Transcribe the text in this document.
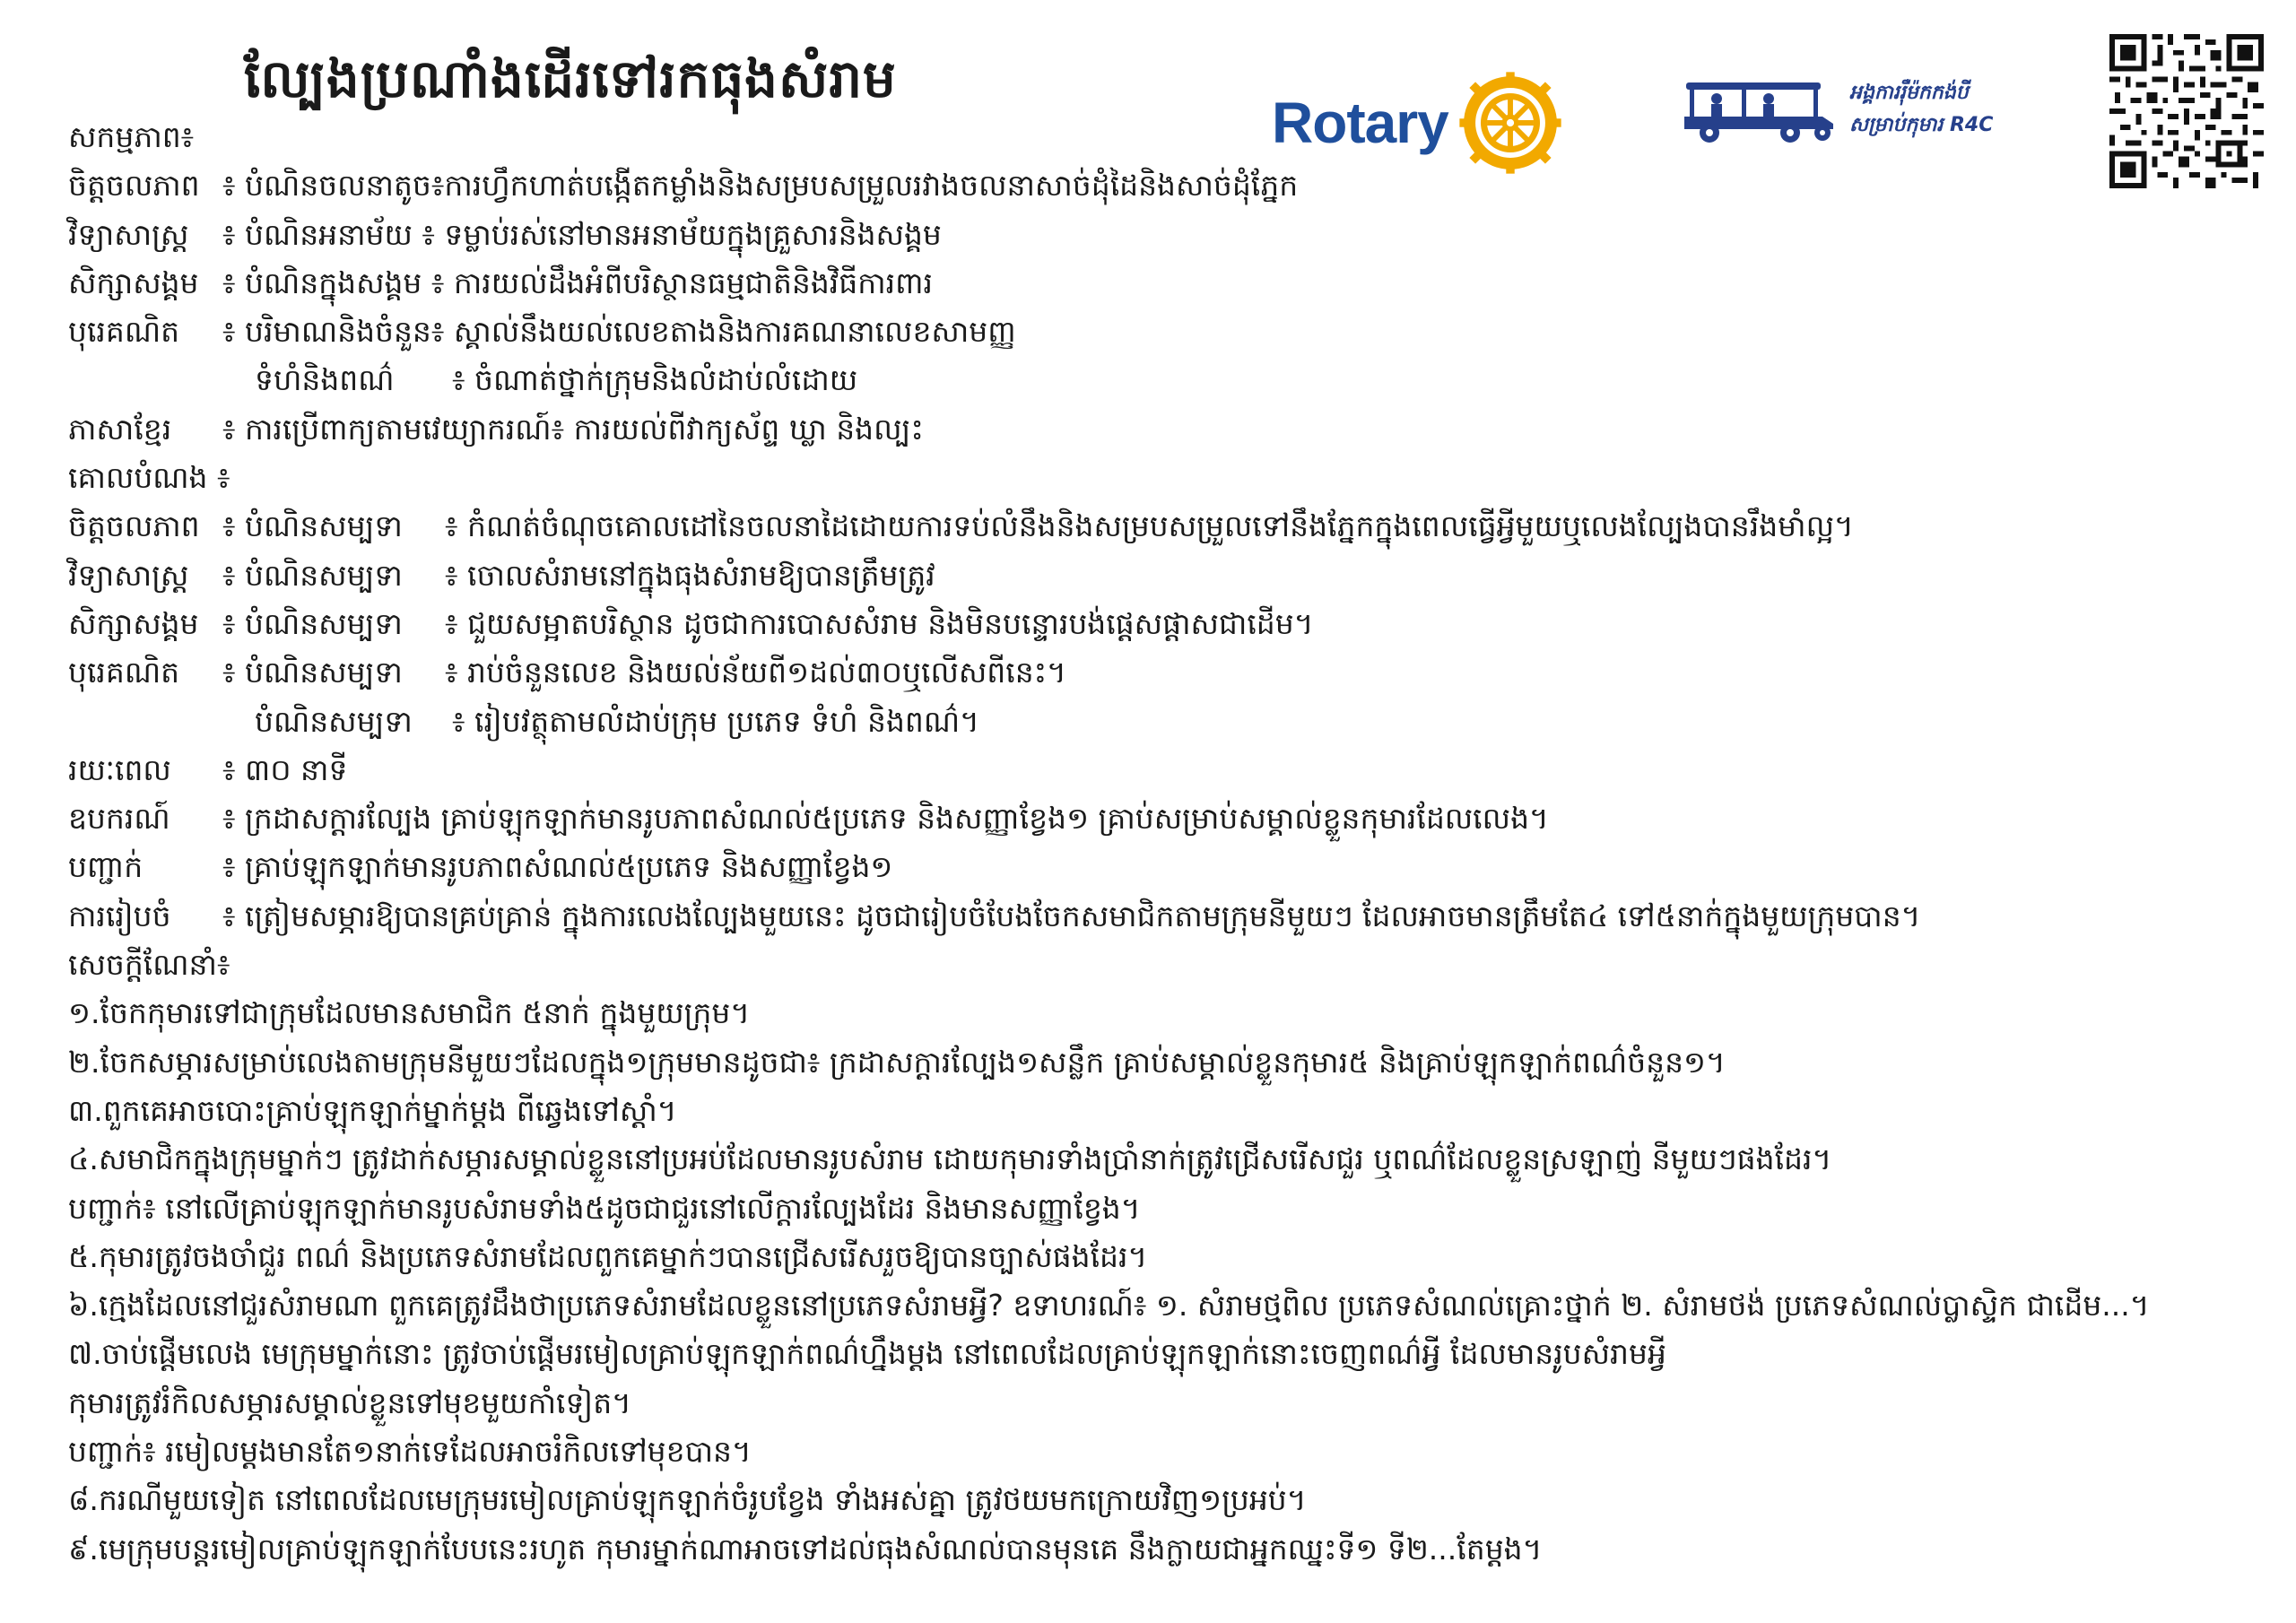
ល្បែងប្រណាំងដើរទៅរកធុងសំរាម
Rotary	អង្គការរ៉ឺម៉កកង់បី
សម្រាប់កុមារ R4C
សកម្មភាព៖
ចិត្តចលភាព ៖ បំណិនចលនាតូច៖ការហ្វឹកហាត់បង្កើតកម្លាំងនិងសម្របសម្រួលរវាងចលនាសាច់ដុំដៃនិងសាច់ដុំភ្នែក
វិទ្យាសាស្ត្រ ៖ បំណិនអនាម័យ ៖ ទម្លាប់រស់នៅមានអនាម័យក្នុងគ្រួសារនិងសង្គម
សិក្សាសង្គម ៖ បំណិនក្នុងសង្គម ៖ ការយល់ដឹងអំពីបរិស្ថានធម្មជាតិនិងវិធីការពារ
បុរេគណិត ៖ បរិមាណនិងចំនួន៖ ស្គាល់នឹងយល់លេខតាងនិងការគណនាលេខសាមញ្ញ
ទំហំនិងពណ៌ ៖ ចំណាត់ថ្នាក់ក្រុមនិងលំដាប់លំដោយ
ភាសាខ្មែរ ៖ ការប្រើពាក្យតាមវេយ្យាករណ៍៖ ការយល់ពីវាក្យស័ព្ទ ឃ្លា និងល្បះ
គោលបំណង ៖
ចិត្តចលភាព ៖ បំណិនសម្បទា ៖ កំណត់ចំណុចគោលដៅនៃចលនាដៃដោយការទប់លំនឹងនិងសម្របសម្រួលទៅនឹងភ្នែកក្នុងពេលធ្វើអ្វីមួយឬលេងល្បែងបានរឹងមាំល្អ។
វិទ្យាសាស្ត្រ ៖ បំណិនសម្បទា ៖ ចោលសំរាមនៅក្នុងធុងសំរាមឱ្យបានត្រឹមត្រូវ
សិក្សាសង្គម ៖ បំណិនសម្បទា ៖ ជួយសម្អាតបរិស្ថាន ដូចជាការបោសសំរាម និងមិនបន្ទោរបង់ផ្ដេសផ្ដាសជាដើម។
បុរេគណិត ៖ បំណិនសម្បទា ៖ រាប់ចំនួនលេខ និងយល់ន័យពី១ដល់៣០ឬលើសពីនេះ។
បំណិនសម្បទា ៖ រៀបវត្ថុតាមលំដាប់ក្រុម ប្រភេទ ទំហំ និងពណ៌។
រយៈពេល ៖ ៣០ នាទី
ឧបករណ៍ ៖ ក្រដាសក្ដារល្បែង គ្រាប់ឡុកឡាក់មានរូបភាពសំណល់៥ប្រភេទ និងសញ្ញាខ្វែង១ គ្រាប់សម្រាប់សម្គាល់ខ្លួនកុមារដែលលេង។
បញ្ជាក់	៖ គ្រាប់ឡុកឡាក់មានរូបភាពសំណល់៥ប្រភេទ និងសញ្ញាខ្វែង១
ការរៀបចំ ៖ ត្រៀមសម្ភារឱ្យបានគ្រប់គ្រាន់ ក្នុងការលេងល្បែងមួយនេះ ដូចជារៀបចំបែងចែកសមាជិកតាមក្រុមនីមួយៗ ដែលអាចមានត្រឹមតែ៤ ទៅ៥នាក់ក្នុងមួយក្រុមបាន។
សេចក្ដីណែនាំ៖
១.ចែកកុមារទៅជាក្រុមដែលមានសមាជិក ៥នាក់ ក្នុងមួយក្រុម។
២.ចែកសម្ភារសម្រាប់លេងតាមក្រុមនីមួយៗដែលក្នុង១ក្រុមមានដូចជា៖ ក្រដាសក្ដារល្បែង១សន្លឹក គ្រាប់សម្គាល់ខ្លួនកុមារ៥ និងគ្រាប់ឡុកឡាក់ពណ៌ចំនួន១។
៣.ពួកគេអាចបោះគ្រាប់ឡុកឡាក់ម្នាក់ម្ដង ពីឆ្វេងទៅស្ដាំ។
៤.សមាជិកក្នុងក្រុមម្នាក់ៗ ត្រូវដាក់សម្ភារសម្គាល់ខ្លួននៅប្រអប់ដែលមានរូបសំរាម ដោយកុមារទាំងប្រាំនាក់ត្រូវជ្រើសរើសជួរ ឬពណ៌ដែលខ្លួនស្រឡាញ់ នីមួយៗផងដែរ។
បញ្ជាក់៖ នៅលើគ្រាប់ឡុកឡាក់មានរូបសំរាមទាំង៥ដូចជាជួរនៅលើក្ដារល្បែងដែរ និងមានសញ្ញាខ្វែង។
៥.កុមារត្រូវចងចាំជួរ ពណ៌ និងប្រភេទសំរាមដែលពួកគេម្នាក់ៗបានជ្រើសរើសរួចឱ្យបានច្បាស់ផងដែរ។
៦.ក្មេងដែលនៅជួរសំរាមណា ពួកគេត្រូវដឹងថាប្រភេទសំរាមដែលខ្លួននៅប្រភេទសំរាមអ្វី? ឧទាហរណ៍៖ ១. សំរាមថ្មពិល ប្រភេទសំណល់គ្រោះថ្នាក់ ២. សំរាមថង់ ប្រភេទសំណល់ប្លាស្ទិក ជាដើម...។
៧.ចាប់ផ្ដើមលេង មេក្រុមម្នាក់នោះ ត្រូវចាប់ផ្ដើមរមៀលគ្រាប់ឡុកឡាក់ពណ៌ហ្នឹងម្ដង នៅពេលដែលគ្រាប់ឡុកឡាក់នោះចេញពណ៌អ្វី ដែលមានរូបសំរាមអ្វី
កុមារត្រូវរំកិលសម្ភារសម្គាល់ខ្លួនទៅមុខមួយកាំទៀត។
បញ្ជាក់៖ រមៀលម្ដងមានតែ១នាក់ទេដែលអាចរំកិលទៅមុខបាន។
៨.ករណីមួយទៀត នៅពេលដែលមេក្រុមរមៀលគ្រាប់ឡុកឡាក់ចំរូបខ្វែង ទាំងអស់គ្នា ត្រូវថយមកក្រោយវិញ១ប្រអប់។
៩.មេក្រុមបន្តរមៀលគ្រាប់ឡុកឡាក់បែបនេះរហូត កុមារម្នាក់ណាអាចទៅដល់ធុងសំណល់បានមុនគេ នឹងក្លាយជាអ្នកឈ្នះទី១ ទី២...តែម្ដង។
